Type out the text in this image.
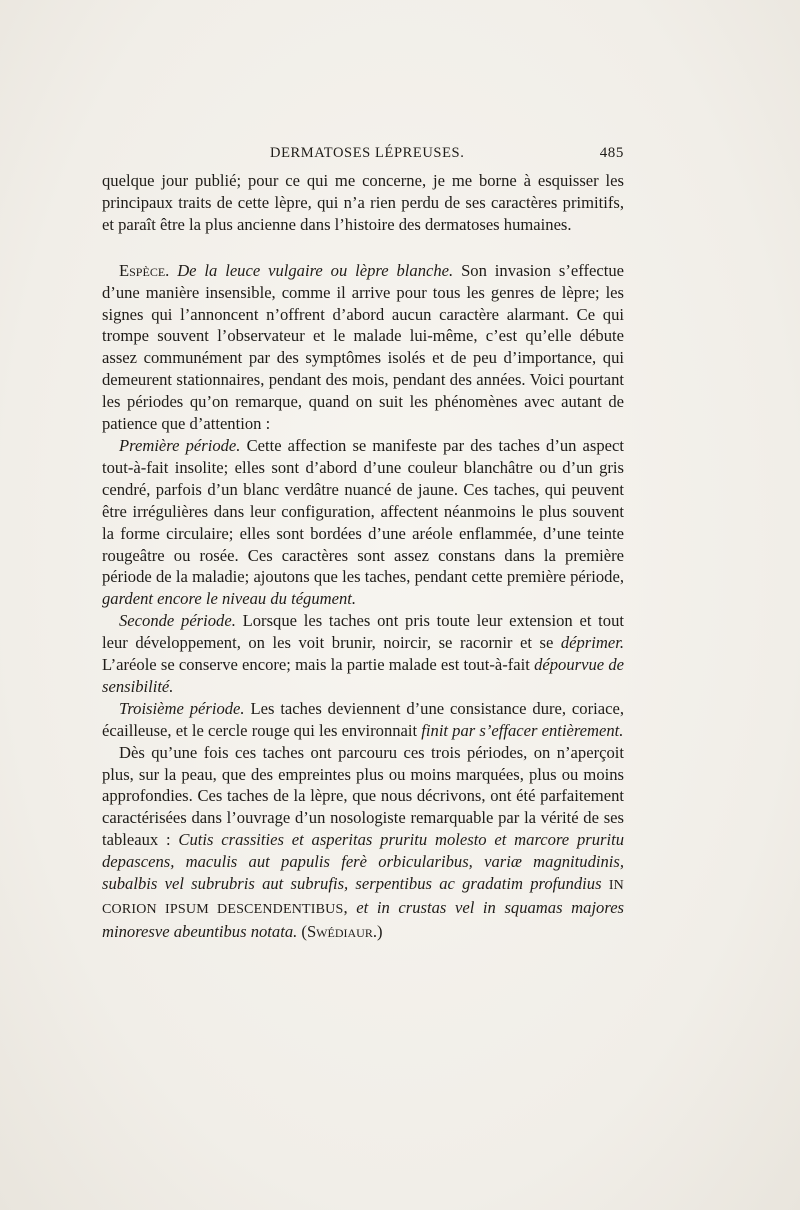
DERMATOSES LÉPREUSES.	485

quelque jour publié; pour ce qui me concerne, je me borne à esquisser les principaux traits de cette lèpre, qui n’a rien perdu de ses caractères primitifs, et paraît être la plus ancienne dans l’histoire des dermatoses humaines.

Espèce. De la leuce vulgaire ou lèpre blanche. Son invasion s’effectue d’une manière insensible, comme il arrive pour tous les genres de lèpre; les signes qui l’annoncent n’offrent d’abord aucun caractère alarmant. Ce qui trompe souvent l’observateur et le malade lui-même, c’est qu’elle débute assez communément par des symptômes isolés et de peu d’importance, qui demeurent stationnaires, pendant des mois, pendant des années. Voici pourtant les périodes qu’on remarque, quand on suit les phénomènes avec autant de patience que d’attention :

Première période. Cette affection se manifeste par des taches d’un aspect tout-à-fait insolite; elles sont d’abord d’une couleur blanchâtre ou d’un gris cendré, parfois d’un blanc verdâtre nuancé de jaune. Ces taches, qui peuvent être irrégulières dans leur configuration, affectent néanmoins le plus souvent la forme circulaire; elles sont bordées d’une aréole enflammée, d’une teinte rougeâtre ou rosée. Ces caractères sont assez constans dans la première période de la maladie; ajoutons que les taches, pendant cette première période, gardent encore le niveau du tégument.

Seconde période. Lorsque les taches ont pris toute leur extension et tout leur développement, on les voit brunir, noircir, se racornir et se déprimer. L’aréole se conserve encore; mais la partie malade est tout-à-fait dépourvue de sensibilité.

Troisième période. Les taches deviennent d’une consistance dure, coriace, écailleuse, et le cercle rouge qui les environnait finit par s’effacer entièrement.

Dès qu’une fois ces taches ont parcouru ces trois périodes, on n’aperçoit plus, sur la peau, que des empreintes plus ou moins marquées, plus ou moins approfondies. Ces taches de la lèpre, que nous décrivons, ont été parfaitement caractérisées dans l’ouvrage d’un nosologiste remarquable par la vérité de ses tableaux : Cutis crassities et asperitas pruritu molesto et marcore pruritu depascens, maculis aut papulis ferè orbicularibus, variæ magnitudinis, subalbis vel subrubris aut subrufis, serpentibus ac gradatim profundius IN CORION IPSUM DESCENDENTIBUS, et in crustas vel in squamas majores minoresve abeuntibus notata. (Swédiaur.)
